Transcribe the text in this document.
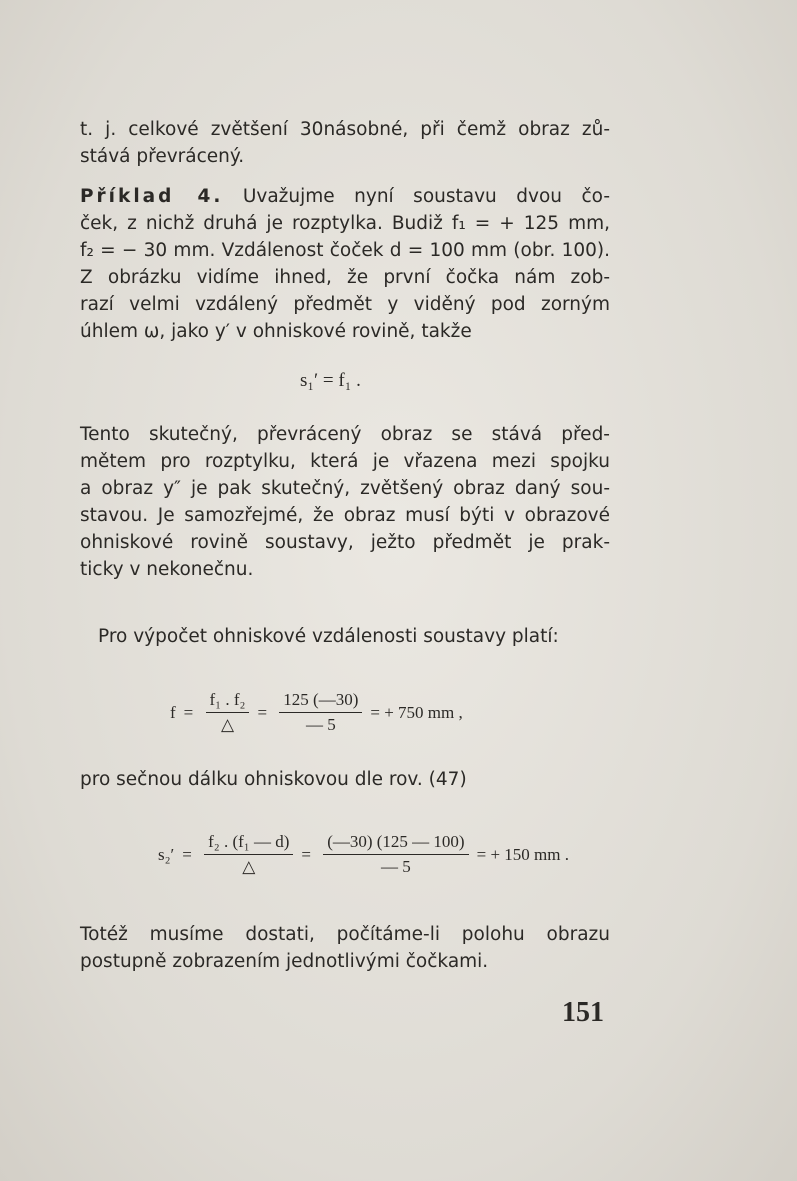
t. j. celkové zvětšení 30násobné, při čemž obraz zů-
stává převrácený.
Příklad 4. Uvažujme nyní soustavu dvou čo-
ček, z nichž druhá je rozptylka. Budiž f₁ = + 125 mm,
f₂ = − 30 mm. Vzdálenost čoček d = 100 mm (obr. 100).
Z obrázku vidíme ihned, že první čočka nám zob-
razí velmi vzdálený předmět y viděný pod zorným
úhlem ω, jako y′ v ohniskové rovině, takže
s₁′ = f₁ .
Tento skutečný, převrácený obraz se stává před-
mětem pro rozptylku, která je vřazena mezi spojku
a obraz y″ je pak skutečný, zvětšený obraz daný sou-
stavou. Je samozřejmé, že obraz musí býti v obrazové
ohniskové rovině soustavy, ježto předmět je prak-
ticky v nekonečnu.
Pro výpočet ohniskové vzdálenosti soustavy platí:
$f = \frac{\text{f₁ . f₂}}{\triangle} = \frac{125 (—30)}{— 5}$ = + 750 mm ,
pro sečnou dálku ohniskovou dle rov. (47)
$s_2' = \frac{\text{f₂ . (f₁ — d)}}{\triangle} = \frac{(—30) (125 — 100)}{— 5}$ = + 150 mm .
Totéž musíme dostati, počítáme-li polohu obrazu
postupně zobrazením jednotlivými čočkami.
151
